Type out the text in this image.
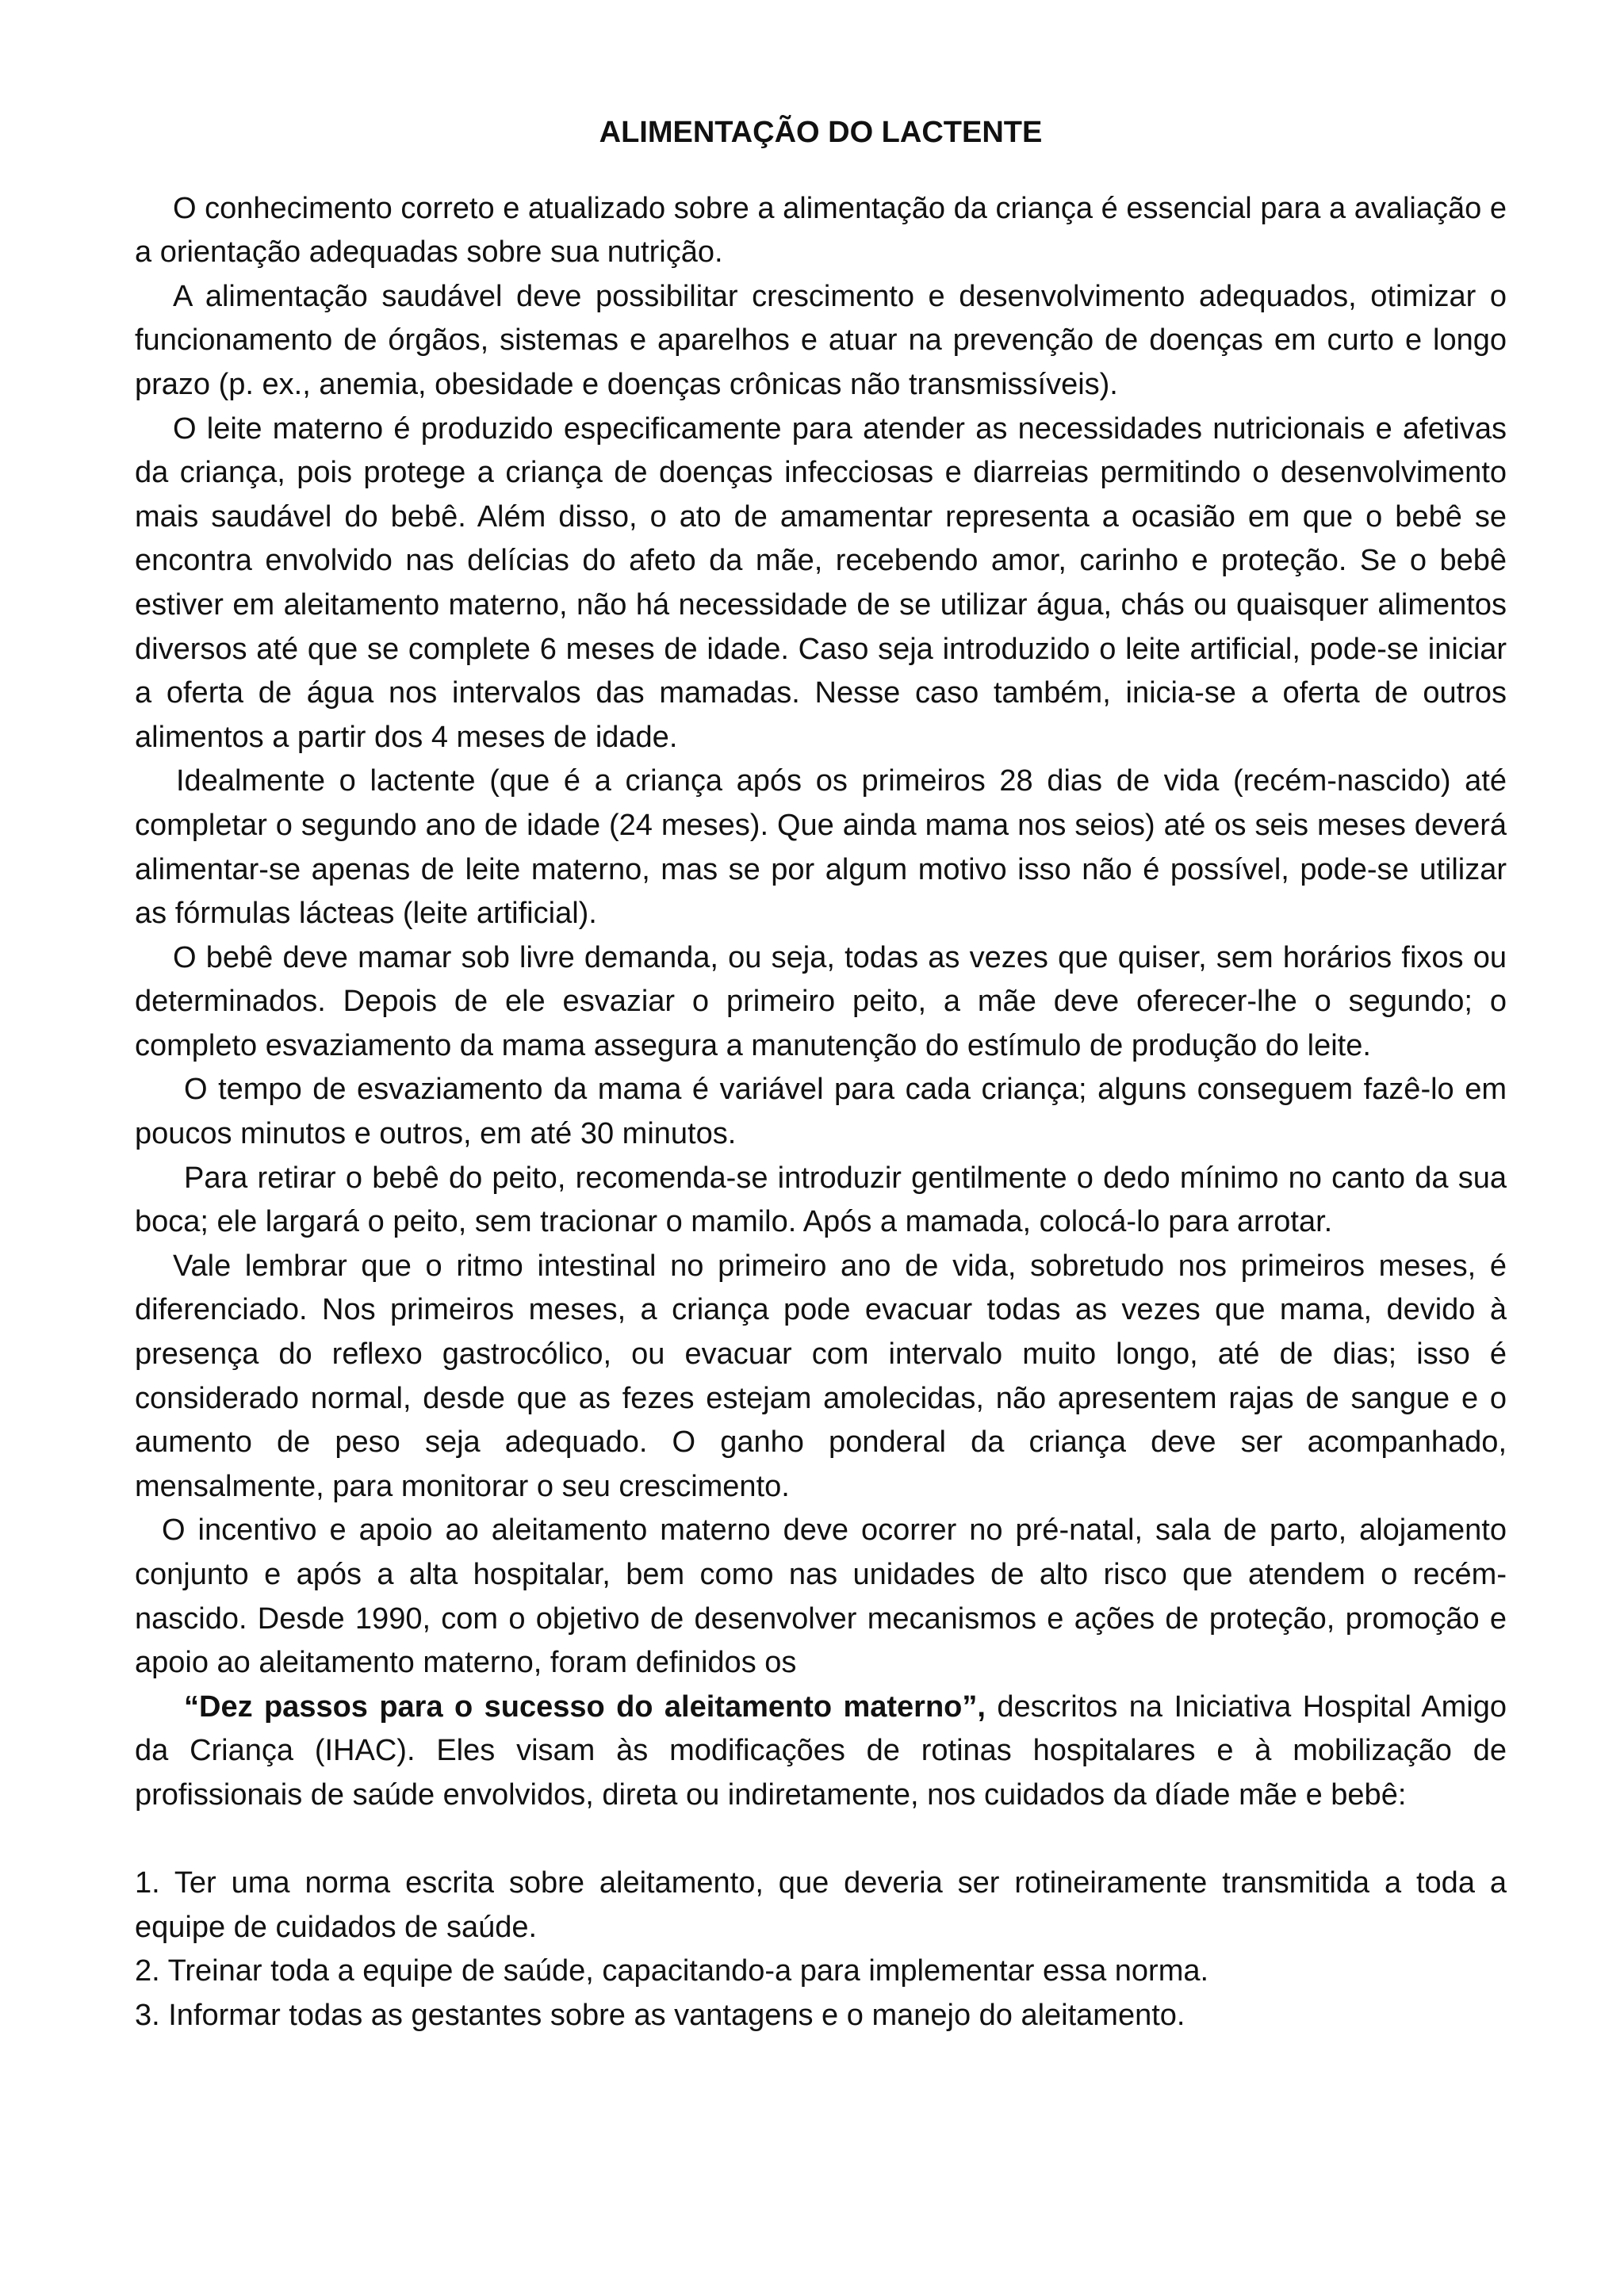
ALIMENTAÇÃO DO LACTENTE

O conhecimento correto e atualizado sobre a alimentação da criança é essencial para a avaliação e a orientação adequadas sobre sua nutrição.

A alimentação saudável deve possibilitar crescimento e desenvolvimento adequados, otimizar o funcionamento de órgãos, sistemas e aparelhos e atuar na prevenção de doenças em curto e longo prazo (p. ex., anemia, obesidade e doenças crônicas não transmissíveis).

O leite materno é produzido especificamente para atender as necessidades nutricionais e afetivas da criança, pois protege a criança de doenças infecciosas e diarreias permitindo o desenvolvimento mais saudável do bebê. Além disso, o ato de amamentar representa a ocasião em que o bebê se encontra envolvido nas delícias do afeto da mãe, recebendo amor, carinho e proteção. Se o bebê estiver em aleitamento materno, não há necessidade de se utilizar água, chás ou quaisquer alimentos diversos até que se complete 6 meses de idade. Caso seja introduzido o leite artificial, pode-se iniciar a oferta de água nos intervalos das mamadas. Nesse caso também, inicia-se a oferta de outros alimentos a partir dos 4 meses de idade.

Idealmente o lactente (que é a criança após os primeiros 28 dias de vida (recém-nascido) até completar o segundo ano de idade (24 meses). Que ainda mama nos seios) até os seis meses deverá alimentar-se apenas de leite materno, mas se por algum motivo isso não é possível, pode-se utilizar as fórmulas lácteas (leite artificial).

O bebê deve mamar sob livre demanda, ou seja, todas as vezes que quiser, sem horários fixos ou determinados. Depois de ele esvaziar o primeiro peito, a mãe deve oferecer-lhe o segundo; o completo esvaziamento da mama assegura a manutenção do estímulo de produção do leite.

O tempo de esvaziamento da mama é variável para cada criança; alguns conseguem fazê-lo em poucos minutos e outros, em até 30 minutos.

Para retirar o bebê do peito, recomenda-se introduzir gentilmente o dedo mínimo no canto da sua boca; ele largará o peito, sem tracionar o mamilo. Após a mamada, colocá-lo para arrotar.

Vale lembrar que o ritmo intestinal no primeiro ano de vida, sobretudo nos primeiros meses, é diferenciado. Nos primeiros meses, a criança pode evacuar todas as vezes que mama, devido à presença do reflexo gastrocólico, ou evacuar com intervalo muito longo, até de dias; isso é considerado normal, desde que as fezes estejam amolecidas, não apresentem rajas de sangue e o aumento de peso seja adequado. O ganho ponderal da criança deve ser acompanhado, mensalmente, para monitorar o seu crescimento.

O incentivo e apoio ao aleitamento materno deve ocorrer no pré-natal, sala de parto, alojamento conjunto e após a alta hospitalar, bem como nas unidades de alto risco que atendem o recém-nascido. Desde 1990, com o objetivo de desenvolver mecanismos e ações de proteção, promoção e apoio ao aleitamento materno, foram definidos os

“Dez passos para o sucesso do aleitamento materno”, descritos na Iniciativa Hospital Amigo da Criança (IHAC). Eles visam às modificações de rotinas hospitalares e à mobilização de profissionais de saúde envolvidos, direta ou indiretamente, nos cuidados da díade mãe e bebê:

1. Ter uma norma escrita sobre aleitamento, que deveria ser rotineiramente transmitida a toda a equipe de cuidados de saúde.
2. Treinar toda a equipe de saúde, capacitando-a para implementar essa norma.
3. Informar todas as gestantes sobre as vantagens e o manejo do aleitamento.
